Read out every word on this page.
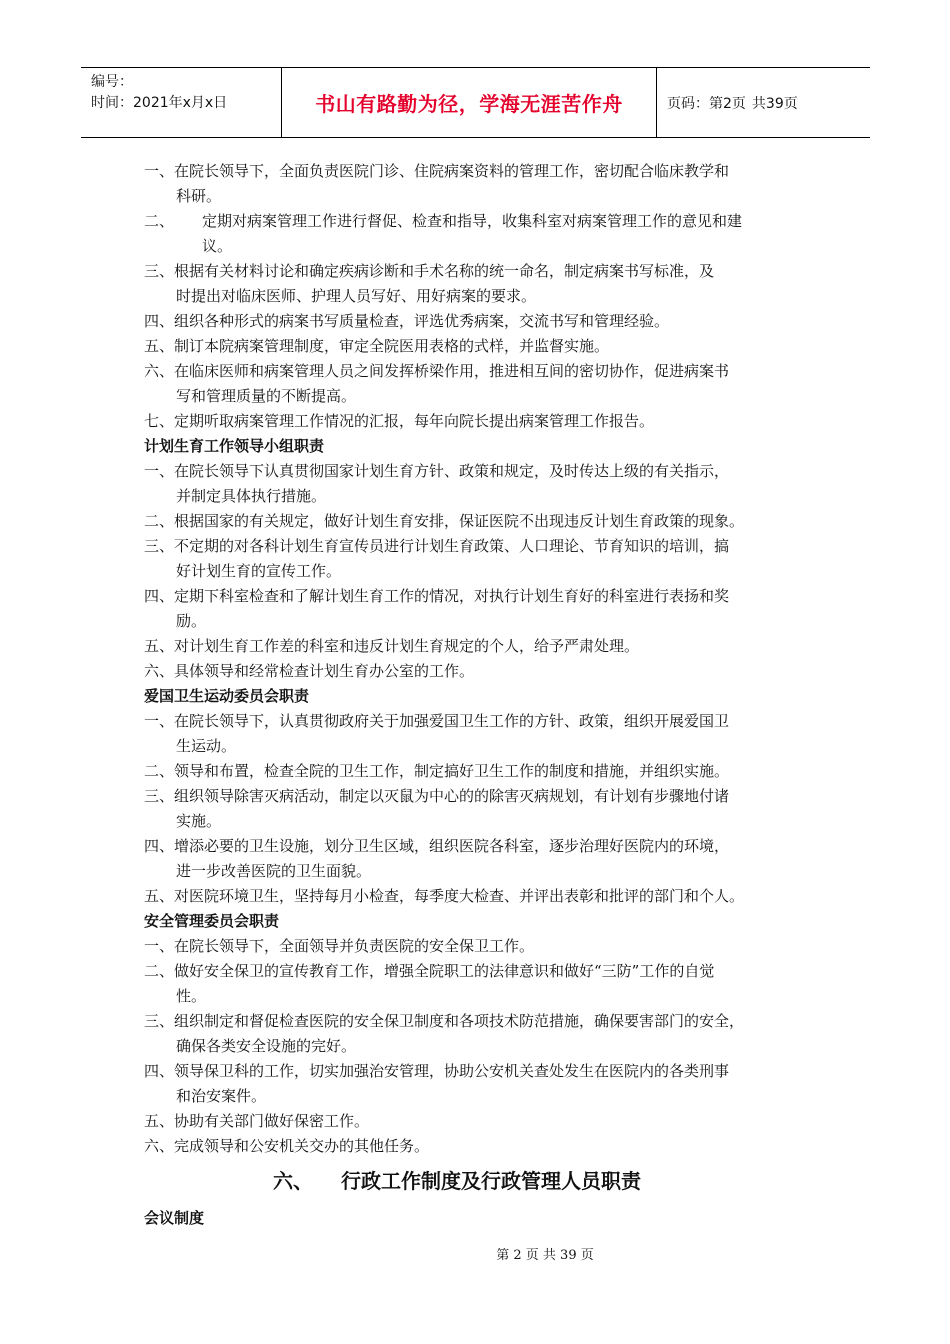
编号：
时间：2021年x月x日	书山有路勤为径，学海无涯苦作舟	页码：第2页 共39页
一、在院长领导下，全面负责医院门诊、住院病案资料的管理工作，密切配合临床教学和
科研。
二、 定期对病案管理工作进行督促、检查和指导，收集科室对病案管理工作的意见和建
议。
三、根据有关材料讨论和确定疾病诊断和手术名称的统一命名，制定病案书写标准，及
时提出对临床医师、护理人员写好、用好病案的要求。
四、组织各种形式的病案书写质量检查，评选优秀病案，交流书写和管理经验。
五、制订本院病案管理制度，审定全院医用表格的式样，并监督实施。
六、在临床医师和病案管理人员之间发挥桥梁作用，推进相互间的密切协作，促进病案书
写和管理质量的不断提高。
七、定期听取病案管理工作情况的汇报，每年向院长提出病案管理工作报告。
计划生育工作领导小组职责
一、在院长领导下认真贯彻国家计划生育方针、政策和规定，及时传达上级的有关指示，
并制定具体执行措施。
二、根据国家的有关规定，做好计划生育安排，保证医院不出现违反计划生育政策的现象。
三、不定期的对各科计划生育宣传员进行计划生育政策、人口理论、节育知识的培训，搞
好计划生育的宣传工作。
四、定期下科室检查和了解计划生育工作的情况，对执行计划生育好的科室进行表扬和奖
励。
五、对计划生育工作差的科室和违反计划生育规定的个人，给予严肃处理。
六、具体领导和经常检查计划生育办公室的工作。
爱国卫生运动委员会职责
一、在院长领导下，认真贯彻政府关于加强爱国卫生工作的方针、政策，组织开展爱国卫
生运动。
二、领导和布置，检查全院的卫生工作，制定搞好卫生工作的制度和措施，并组织实施。
三、组织领导除害灭病活动，制定以灭鼠为中心的的除害灭病规划，有计划有步骤地付诸
实施。
四、增添必要的卫生设施，划分卫生区域，组织医院各科室，逐步治理好医院内的环境，
进一步改善医院的卫生面貌。
五、对医院环境卫生，坚持每月小检查，每季度大检查、并评出表彰和批评的部门和个人。
安全管理委员会职责
一、在院长领导下，全面领导并负责医院的安全保卫工作。
二、做好安全保卫的宣传教育工作，增强全院职工的法律意识和做好“三防”工作的自觉
性。
三、组织制定和督促检查医院的安全保卫制度和各项技术防范措施，确保要害部门的安全，
确保各类安全设施的完好。
四、领导保卫科的工作，切实加强治安管理，协助公安机关查处发生在医院内的各类刑事
和治安案件。
五、协助有关部门做好保密工作。
六、完成领导和公安机关交办的其他任务。
六、 行政工作制度及行政管理人员职责
会议制度
第 2 页 共 39 页
